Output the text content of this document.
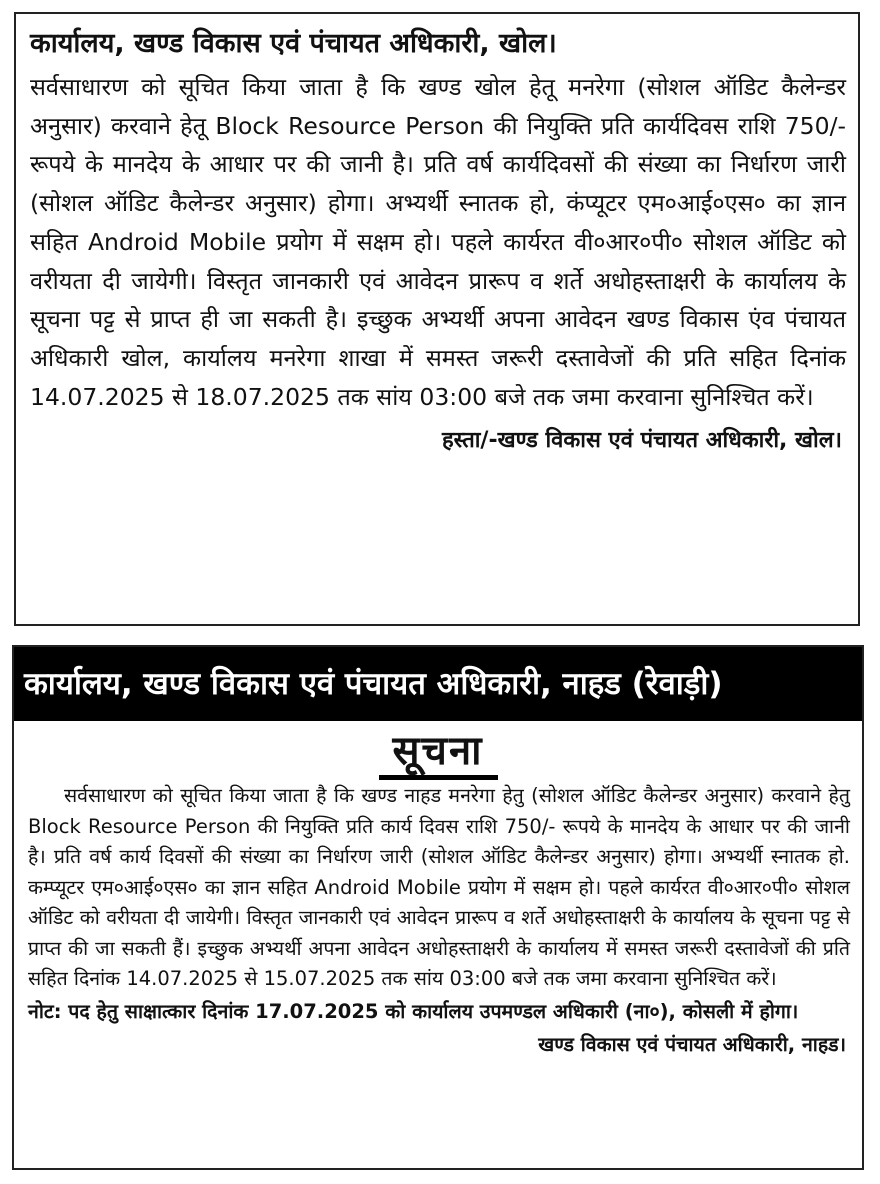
कार्यालय, खण्ड विकास एवं पंचायत अधिकारी, खोल।

सर्वसाधारण को सूचित किया जाता है कि खण्ड खोल हेतू मनरेगा (सोशल ऑडिट कैलेन्डर अनुसार) करवाने हेतू Block Resource Person की नियुक्ति प्रति कार्यदिवस राशि 750/- रूपये के मानदेय के आधार पर की जानी है। प्रति वर्ष कार्यदिवसों की संख्या का निर्धारण जारी (सोशल ऑडिट कैलेन्डर अनुसार) होगा। अभ्यर्थी स्नातक हो, कंप्यूटर एम०आई०एस० का ज्ञान सहित Android Mobile प्रयोग में सक्षम हो। पहले कार्यरत वी०आर०पी० सोशल ऑडिट को वरीयता दी जायेगी। विस्तृत जानकारी एवं आवेदन प्रारूप व शर्ते अधोहस्ताक्षरी के कार्यालय के सूचना पट्ट से प्राप्त ही जा सकती है। इच्छुक अभ्यर्थी अपना आवेदन खण्ड विकास एंव पंचायत अधिकारी खोल, कार्यालय मनरेगा शाखा में समस्त जरूरी दस्तावेजों की प्रति सहित दिनांक 14.07.2025 से 18.07.2025 तक सांय 03:00 बजे तक जमा करवाना सुनिश्चित करें।

हस्ता/-खण्ड विकास एवं पंचायत अधिकारी, खोल।
कार्यालय, खण्ड विकास एवं पंचायत अधिकारी, नाहड (रेवाड़ी)
सूचना

सर्वसाधारण को सूचित किया जाता है कि खण्ड नाहड मनरेगा हेतु (सोशल ऑडिट कैलेन्डर अनुसार) करवाने हेतु Block Resource Person की नियुक्ति प्रति कार्य दिवस राशि 750/- रूपये के मानदेय के आधार पर की जानी है। प्रति वर्ष कार्य दिवसों की संख्या का निर्धारण जारी (सोशल ऑडिट कैलेन्डर अनुसार) होगा। अभ्यर्थी स्नातक हो. कम्प्यूटर एम०आई०एस० का ज्ञान सहित Android Mobile प्रयोग में सक्षम हो। पहले कार्यरत वी०आर०पी० सोशल ऑडिट को वरीयता दी जायेगी। विस्तृत जानकारी एवं आवेदन प्रारूप व शर्ते अधोहस्ताक्षरी के कार्यालय के सूचना पट्ट से प्राप्त की जा सकती हैं। इच्छुक अभ्यर्थी अपना आवेदन अधोहस्ताक्षरी के कार्यालय में समस्त जरूरी दस्तावेजों की प्रति सहित दिनांक 14.07.2025 से 15.07.2025 तक सांय 03:00 बजे तक जमा करवाना सुनिश्चित करें।

नोट: पद हेतु साक्षात्कार दिनांक 17.07.2025 को कार्यालय उपमण्डल अधिकारी (ना०), कोसली में होगा।

खण्ड विकास एवं पंचायत अधिकारी, नाहड।
